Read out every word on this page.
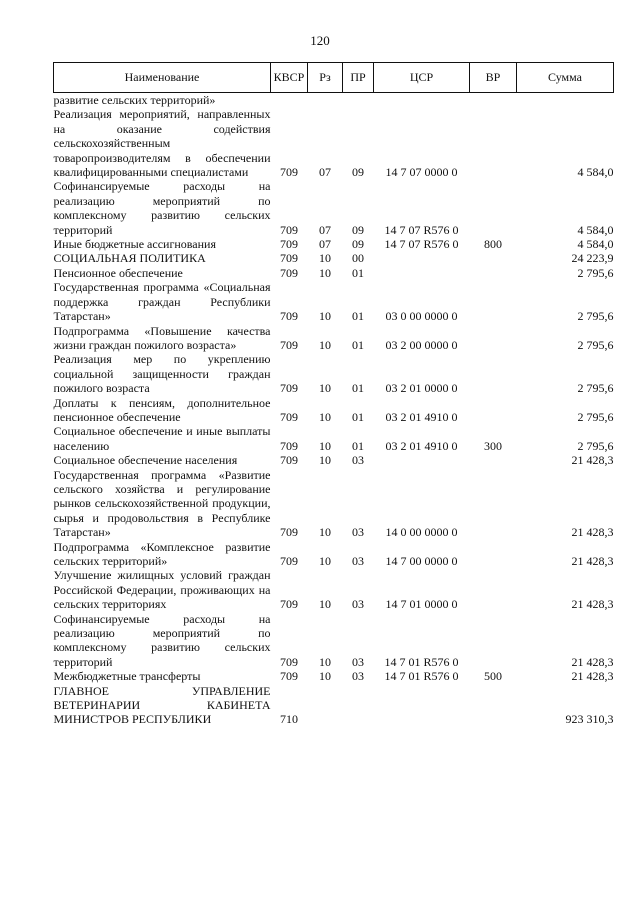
120
Наименование	КВСР	Рз	ПР	ЦСР	ВР	Сумма
развитие сельских территорий»						
Реализация мероприятий, направленных на оказание содействия сельскохозяйственным товаропроизводителям в обеспечении квалифицированными специалистами	709	07	09	14 7 07 0000 0		4 584,0
Софинансируемые расходы на реализацию мероприятий по комплексному развитию сельских территорий	709	07	09	14 7 07 R576 0		4 584,0
Иные бюджетные ассигнования	709	07	09	14 7 07 R576 0	800	4 584,0
СОЦИАЛЬНАЯ ПОЛИТИКА	709	10	00			24 223,9
Пенсионное обеспечение	709	10	01			2 795,6
Государственная программа «Социальная поддержка граждан Республики Татарстан»	709	10	01	03 0 00 0000 0		2 795,6
Подпрограмма «Повышение качества жизни граждан пожилого возраста»	709	10	01	03 2 00 0000 0		2 795,6
Реализация мер по укреплению социальной защищенности граждан пожилого возраста	709	10	01	03 2 01 0000 0		2 795,6
Доплаты к пенсиям, дополнительное пенсионное обеспечение	709	10	01	03 2 01 4910 0		2 795,6
Социальное обеспечение и иные выплаты населению	709	10	01	03 2 01 4910 0	300	2 795,6
Социальное обеспечение населения	709	10	03			21 428,3
Государственная программа «Развитие сельского хозяйства и регулирование рынков сельскохозяйственной продукции, сырья и продовольствия в Республике Татарстан»	709	10	03	14 0 00 0000 0		21 428,3
Подпрограмма «Комплексное развитие сельских территорий»	709	10	03	14 7 00 0000 0		21 428,3
Улучшение жилищных условий граждан Российской Федерации, проживающих на сельских территориях	709	10	03	14 7 01 0000 0		21 428,3
Софинансируемые расходы на реализацию мероприятий по комплексному развитию сельских территорий	709	10	03	14 7 01 R576 0		21 428,3
Межбюджетные трансферты	709	10	03	14 7 01 R576 0	500	21 428,3
ГЛАВНОЕ УПРАВЛЕНИЕ ВЕТЕРИНАРИИ КАБИНЕТА МИНИСТРОВ РЕСПУБЛИКИ	710					923 310,3
